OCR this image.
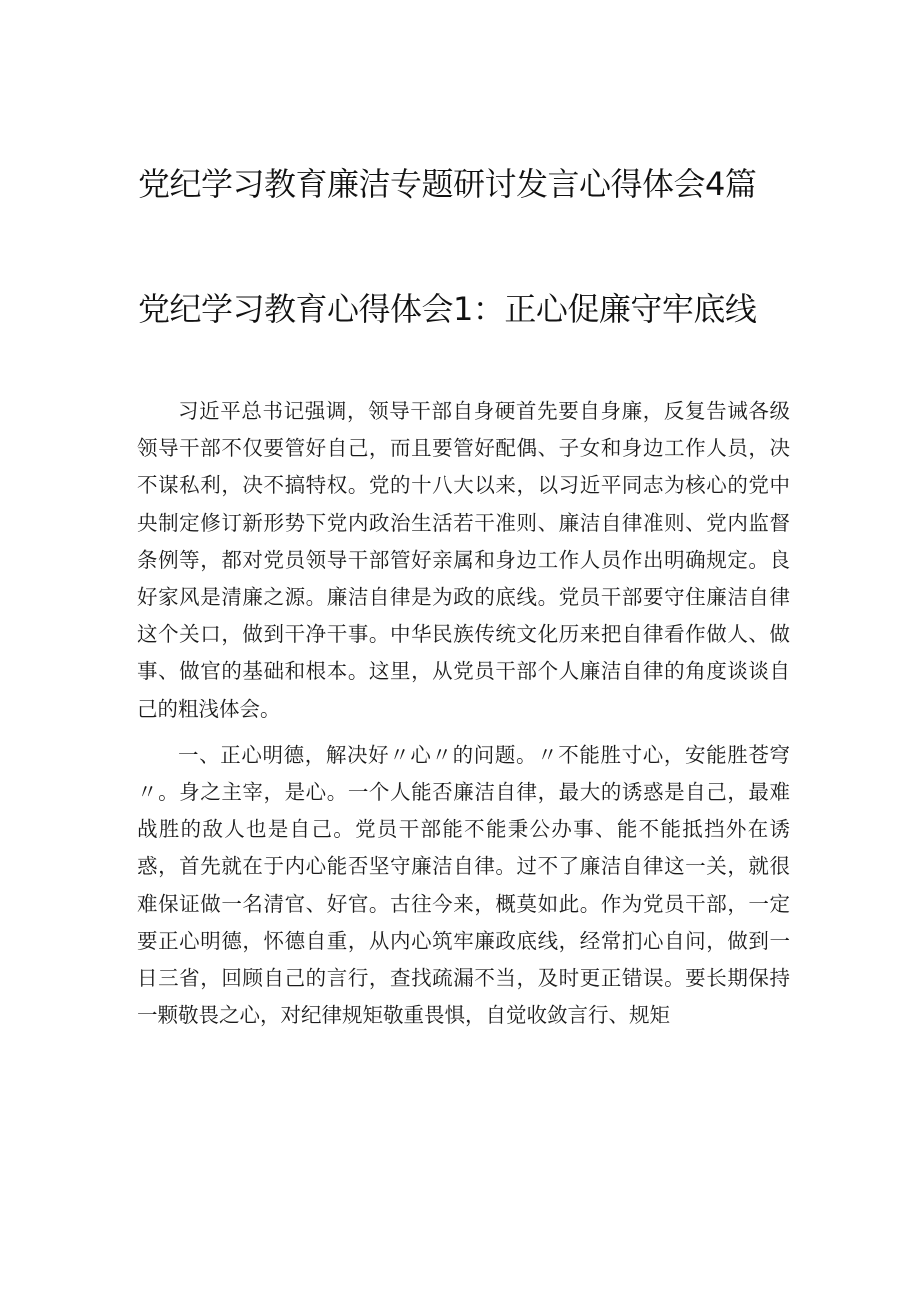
党纪学习教育廉洁专题研讨发言心得体会4篇
党纪学习教育心得体会1：正心促廉守牢底线

习近平总书记强调，领导干部自身硬首先要自身廉，反复告诫各级领导干部不仅要管好自己，而且要管好配偶、子女和身边工作人员，决不谋私利，决不搞特权。党的十八大以来，以习近平同志为核心的党中央制定修订新形势下党内政治生活若干准则、廉洁自律准则、党内监督条例等，都对党员领导干部管好亲属和身边工作人员作出明确规定。良好家风是清廉之源。廉洁自律是为政的底线。党员干部要守住廉洁自律这个关口，做到干净干事。中华民族传统文化历来把自律看作做人、做事、做官的基础和根本。这里，从党员干部个人廉洁自律的角度谈谈自己的粗浅体会。

一、正心明德，解决好〃心〃的问题。〃不能胜寸心，安能胜苍穹〃。身之主宰，是心。一个人能否廉洁自律，最大的诱惑是自己，最难战胜的敌人也是自己。党员干部能不能秉公办事、能不能抵挡外在诱惑，首先就在于内心能否坚守廉洁自律。过不了廉洁自律这一关，就很难保证做一名清官、好官。古往今来，概莫如此。作为党员干部，一定要正心明德，怀德自重，从内心筑牢廉政底线，经常扪心自问，做到一日三省，回顾自己的言行，查找疏漏不当，及时更正错误。要长期保持一颗敬畏之心，对纪律规矩敬重畏惧，自觉收敛言行、规矩
